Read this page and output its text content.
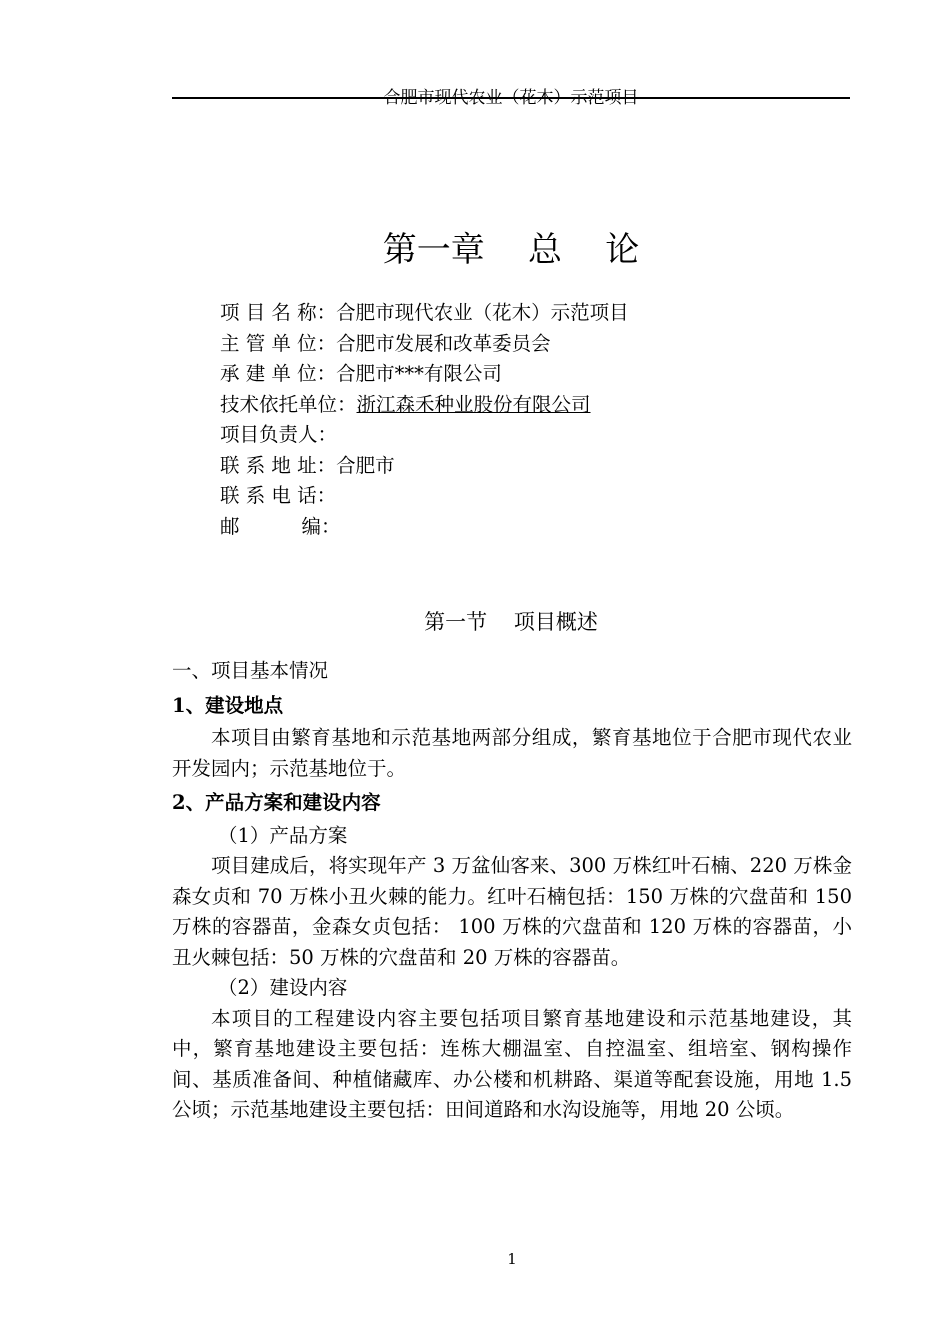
合肥市现代农业（花木）示范项目
第一章    总    论
项 目 名 称：合肥市现代农业（花木）示范项目
主 管 单 位：合肥市发展和改革委员会
承 建 单 位：合肥市***有限公司
技术依托单位：浙江森禾种业股份有限公司
项目负责人：
联 系 地 址：合肥市
联 系 电 话：
邮          编：
第一节    项目概述

一、项目基本情况

1、建设地点

本项目由繁育基地和示范基地两部分组成，繁育基地位于合肥市现代农业开发园内；示范基地位于。

2、产品方案和建设内容

（1）产品方案

项目建成后，将实现年产 3 万盆仙客来、300 万株红叶石楠、220 万株金森女贞和 70 万株小丑火棘的能力。红叶石楠包括：150 万株的穴盘苗和 150 万株的容器苗，金森女贞包括： 100 万株的穴盘苗和 120 万株的容器苗，小丑火棘包括：50 万株的穴盘苗和 20 万株的容器苗。

（2）建设内容

本项目的工程建设内容主要包括项目繁育基地建设和示范基地建设，其中，繁育基地建设主要包括：连栋大棚温室、自控温室、组培室、钢构操作间、基质准备间、种植储藏库、办公楼和机耕路、渠道等配套设施，用地 1.5 公顷；示范基地建设主要包括：田间道路和水沟设施等，用地 20 公顷。

1
